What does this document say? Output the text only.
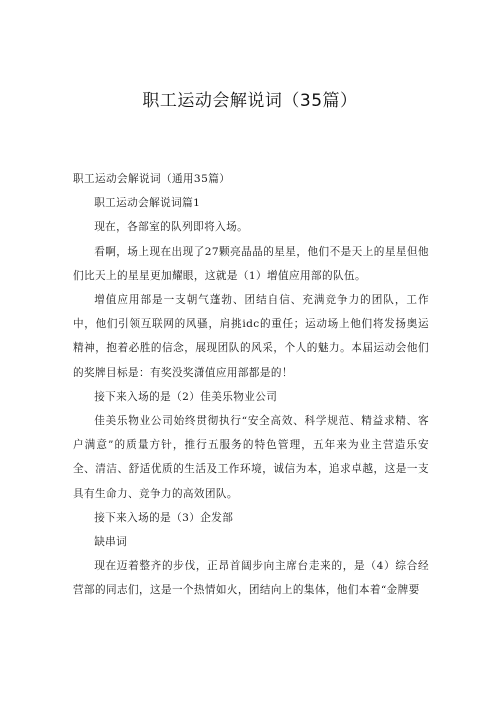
职工运动会解说词（35篇）

职工运动会解说词（通用35篇）

职工运动会解说词篇1

现在，各部室的队列即将入场。

看啊，场上现在出现了27颗亮晶晶的星星，他们不是天上的星星但他们比天上的星星更加耀眼，这就是（1）增值应用部的队伍。

增值应用部是一支朝气蓬勃、团结自信、充满竞争力的团队，工作中，他们引领互联网的风骚，肩挑idc的重任；运动场上他们将发扬奥运精神，抱着必胜的信念，展现团队的风采，个人的魅力。本届运动会他们的奖牌目标是：有奖没奖潇值应用部都是的！

接下来入场的是（2）佳美乐物业公司

佳美乐物业公司始终贯彻执行“安全高效、科学规范、精益求精、客户满意”的质量方针，推行五服务的特色管理，五年来为业主营造乐安全、清洁、舒适优质的生活及工作环境，诚信为本，追求卓越，这是一支具有生命力、竞争力的高效团队。

接下来入场的是（3）企发部

缺串词

现在迈着整齐的步伐，正昂首阔步向主席台走来的，是（4）综合经营部的同志们，这是一个热情如火，团结向上的集体，他们本着“金牌要
